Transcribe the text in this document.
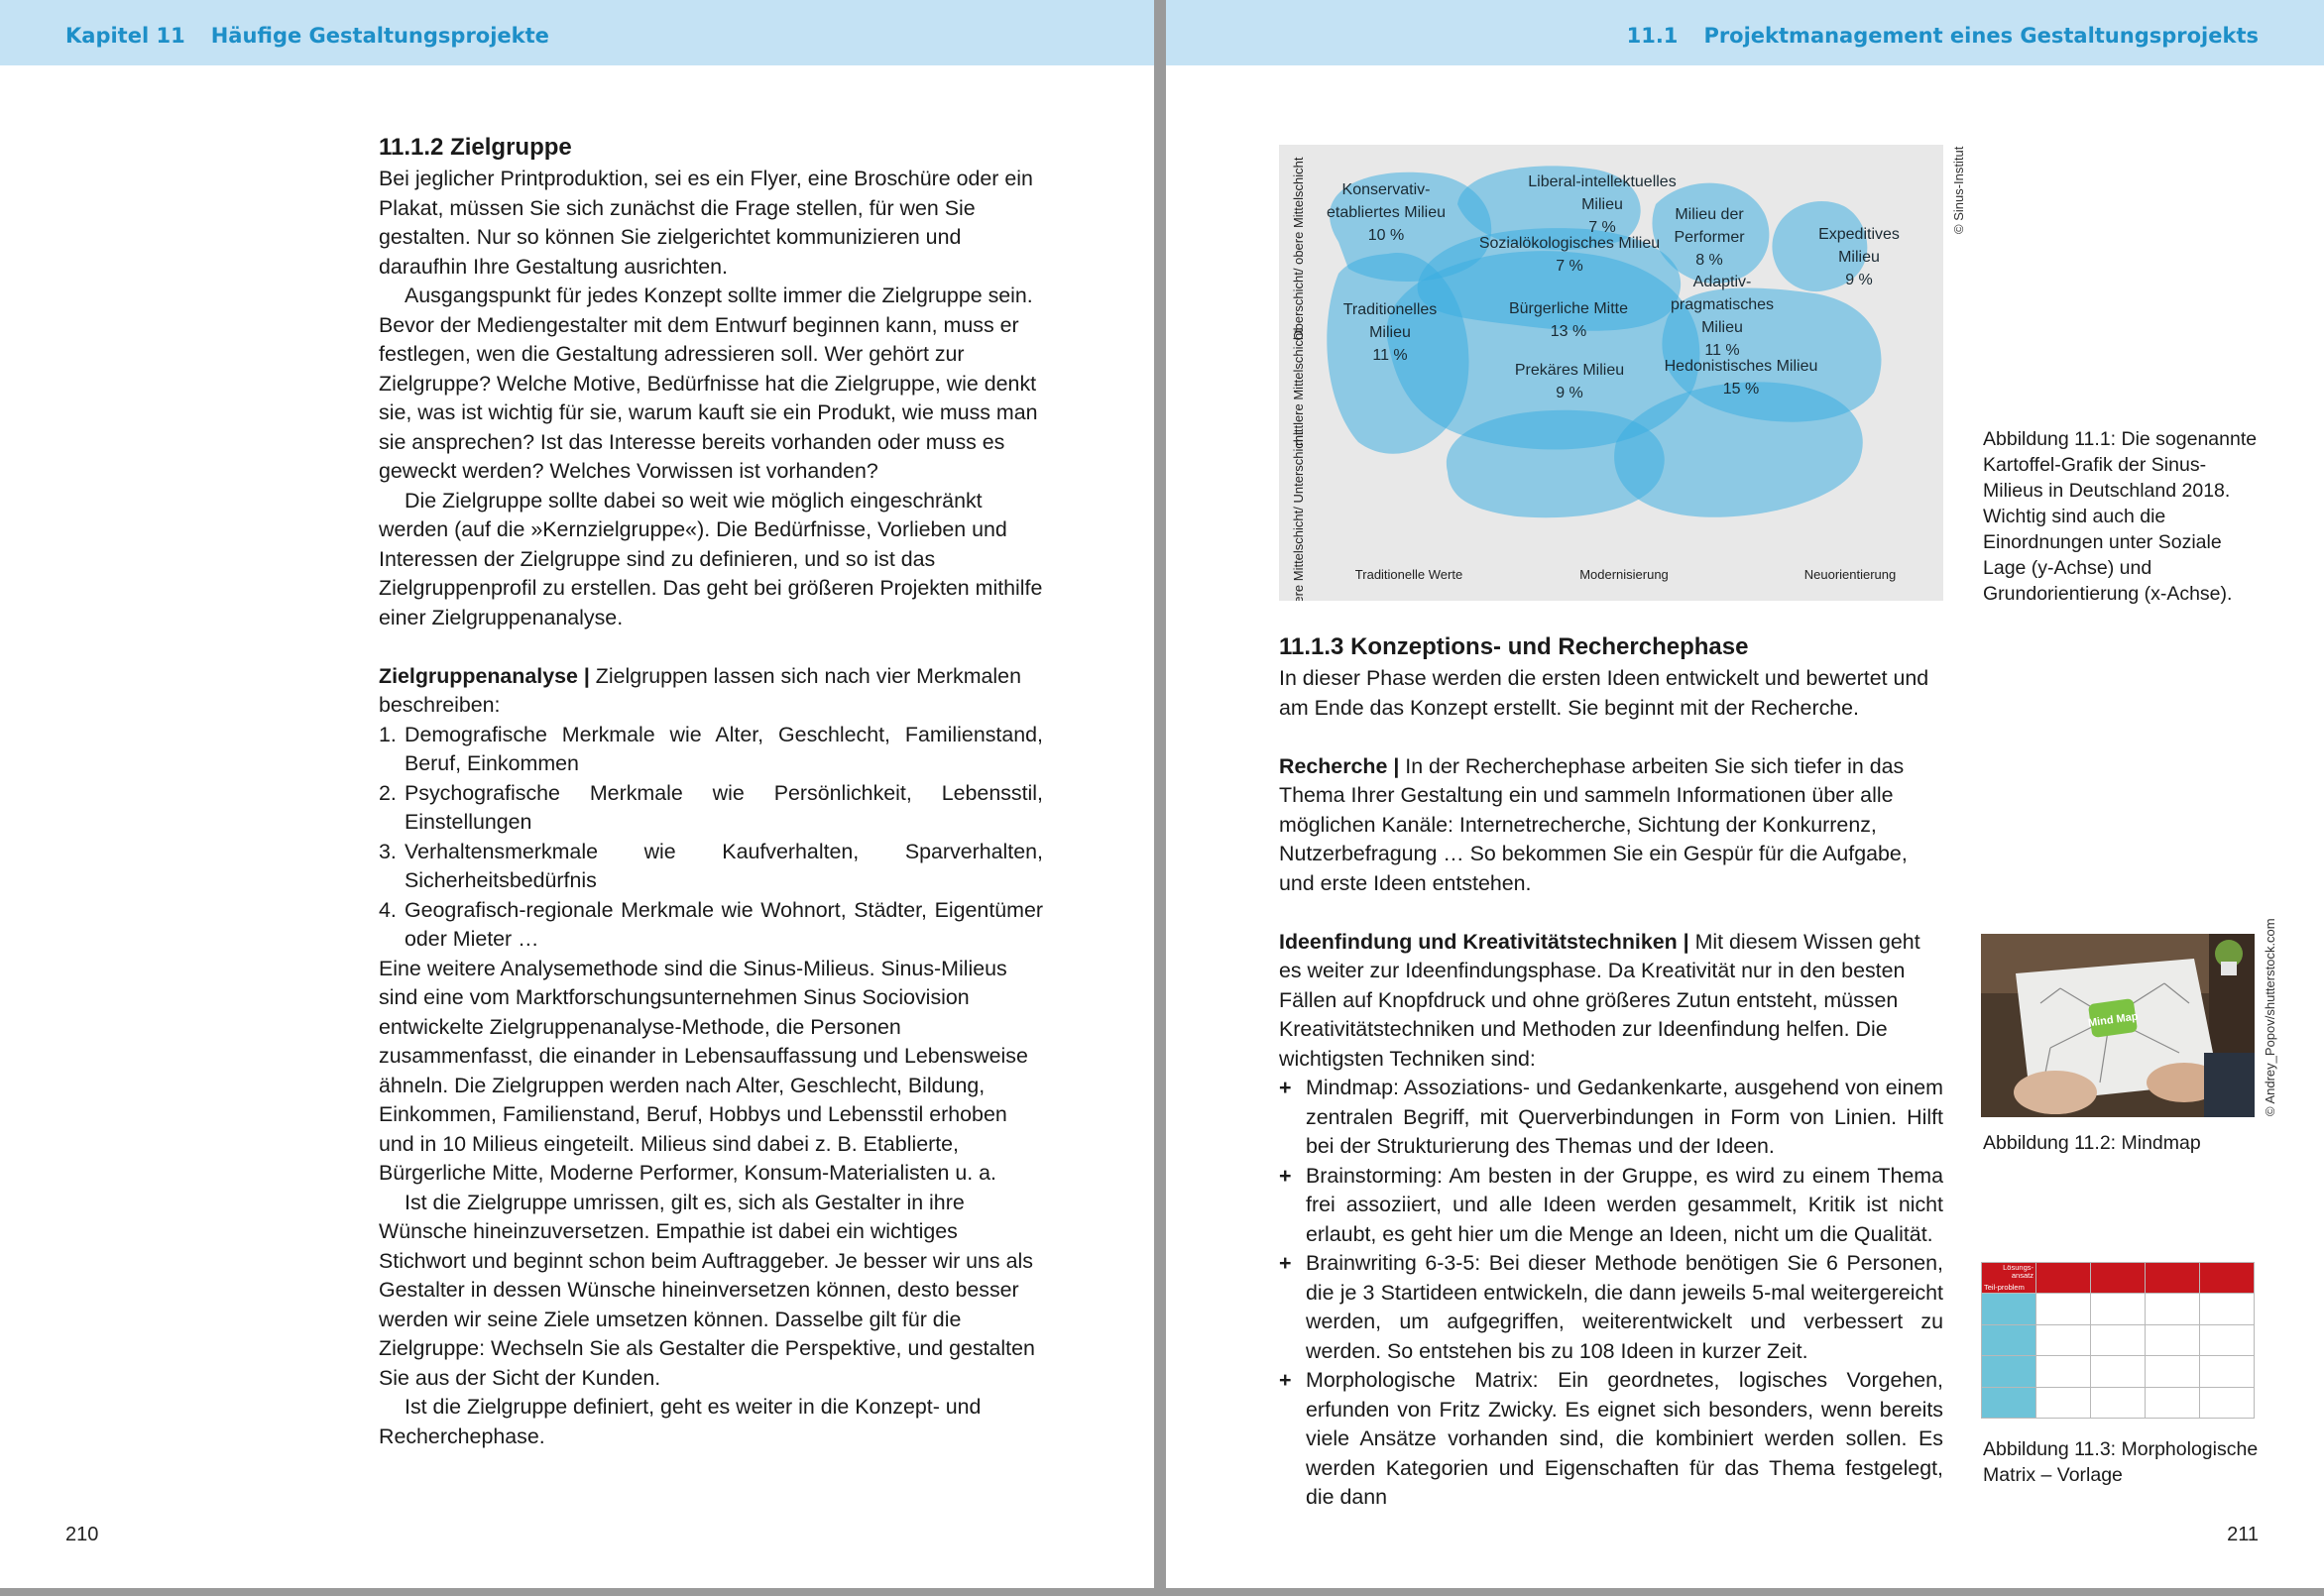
Kapitel 11 Häufige Gestaltungsprojekte
11.1.2 Zielgruppe

Bei jeglicher Printproduktion, sei es ein Flyer, eine Broschüre oder ein Plakat, müssen Sie sich zunächst die Frage stellen, für wen Sie gestalten. Nur so können Sie zielgerichtet kommunizieren und daraufhin Ihre Gestaltung ausrichten.

Ausgangspunkt für jedes Konzept sollte immer die Zielgruppe sein. Bevor der Mediengestalter mit dem Entwurf beginnen kann, muss er festlegen, wen die Gestaltung adressieren soll. Wer gehört zur Zielgruppe? Welche Motive, Bedürfnisse hat die Zielgruppe, wie denkt sie, was ist wichtig für sie, warum kauft sie ein Produkt, wie muss man sie ansprechen? Ist das Interesse bereits vorhanden oder muss es geweckt werden? Welches Vorwissen ist vorhanden?

Die Zielgruppe sollte dabei so weit wie möglich eingeschränkt werden (auf die »Kernzielgruppe«). Die Bedürfnisse, Vorlieben und Interessen der Zielgruppe sind zu definieren, und so ist das Zielgruppenprofil zu erstellen. Das geht bei größeren Projekten mithilfe einer Zielgruppenanalyse.

Zielgruppenanalyse | Zielgruppen lassen sich nach vier Merkmalen beschreiben:

1. Demografische Merkmale wie Alter, Geschlecht, Familienstand, Beruf, Einkommen
2. Psychografische Merkmale wie Persönlichkeit, Lebensstil, Einstellungen
3. Verhaltensmerkmale wie Kaufverhalten, Sparverhalten, Sicherheitsbedürfnis
4. Geografisch-regionale Merkmale wie Wohnort, Städter, Eigentümer oder Mieter …

Eine weitere Analysemethode sind die Sinus-Milieus. Sinus-Milieus sind eine vom Marktforschungsunternehmen Sinus Sociovision entwickelte Zielgruppenanalyse-Methode, die Personen zusammenfasst, die einander in Lebensauffassung und Lebensweise ähneln. Die Zielgruppen werden nach Alter, Geschlecht, Bildung, Einkommen, Familienstand, Beruf, Hobbys und Lebensstil erhoben und in 10 Milieus eingeteilt. Milieus sind dabei z. B. Etablierte, Bürgerliche Mitte, Moderne Performer, Konsum-Materialisten u. a.

Ist die Zielgruppe umrissen, gilt es, sich als Gestalter in ihre Wünsche hineinzuversetzen. Empathie ist dabei ein wichtiges Stichwort und beginnt schon beim Auftraggeber. Je besser wir uns als Gestalter in dessen Wünsche hineinversetzen können, desto besser werden wir seine Ziele umsetzen können. Dasselbe gilt für die Zielgruppe: Wechseln Sie als Gestalter die Perspektive, und gestalten Sie aus der Sicht der Kunden.

Ist die Zielgruppe definiert, geht es weiter in die Konzept- und Recherchephase.

210
11.1 Projektmanagement eines Gestaltungsprojekts
Konservativ-etabliertes Milieu 10 %
Liberal-intellektuelles Milieu 7 %
Milieu der Performer 8 %
Expeditives Milieu 9 %
Sozialökologisches Milieu 7 %
Adaptiv-pragmatisches Milieu 11 %
Traditionelles Milieu 11 %
Bürgerliche Mitte 13 %
Prekäres Milieu 9 %
Hedonistisches Milieu 15 %
Oberschicht/ obere Mittelschicht
mittlere Mittelschicht
untere Mittelschicht/ Unterschicht	Traditionelle Werte	Modernisierung	Neuorientierung
© Sinus-Institut
Abbildung 11.1: Die sogenannte Kartoffel-Grafik der Sinus-Milieus in Deutschland 2018. Wichtig sind auch die Einordnungen unter Soziale Lage (y-Achse) und Grundorientierung (x-Achse).
11.1.3 Konzeptions- und Recherchephase

In dieser Phase werden die ersten Ideen entwickelt und bewertet und am Ende das Konzept erstellt. Sie beginnt mit der Recherche.

Recherche | In der Recherchephase arbeiten Sie sich tiefer in das Thema Ihrer Gestaltung ein und sammeln Informationen über alle möglichen Kanäle: Internetrecherche, Sichtung der Konkurrenz, Nutzerbefragung … So bekommen Sie ein Gespür für die Aufgabe, und erste Ideen entstehen.

Ideenfindung und Kreativitätstechniken | Mit diesem Wissen geht es weiter zur Ideenfindungsphase. Da Kreativität nur in den besten Fällen auf Knopfdruck und ohne größeres Zutun entsteht, müssen Kreativitätstechniken und Methoden zur Ideenfindung helfen. Die wichtigsten Techniken sind:

+ Mindmap: Assoziations- und Gedankenkarte, ausgehend von einem zentralen Begriff, mit Querverbindungen in Form von Linien. Hilft bei der Strukturierung des Themas und der Ideen.
+ Brainstorming: Am besten in der Gruppe, es wird zu einem Thema frei assoziiert, und alle Ideen werden gesammelt, Kritik ist nicht erlaubt, es geht hier um die Menge an Ideen, nicht um die Qualität.
+ Brainwriting 6-3-5: Bei dieser Methode benötigen Sie 6 Personen, die je 3 Startideen entwickeln, die dann jeweils 5-mal weitergereicht werden, um aufgegriffen, weiterentwickelt und verbessert zu werden. So entstehen bis zu 108 Ideen in kurzer Zeit.
+ Morphologische Matrix: Ein geordnetes, logisches Vorgehen, erfunden von Fritz Zwicky. Es eignet sich besonders, wenn bereits viele Ansätze vorhanden sind, die kombiniert werden sollen. Es werden Kategorien und Eigenschaften für das Thema festgelegt, die dann
Mind Map	© Andrey_Popov/shutterstock.com
Abbildung 11.2: Mindmap
Lösungs-ansatz
Teil-problem				

Abbildung 11.3: Morphologische Matrix – Vorlage
211
